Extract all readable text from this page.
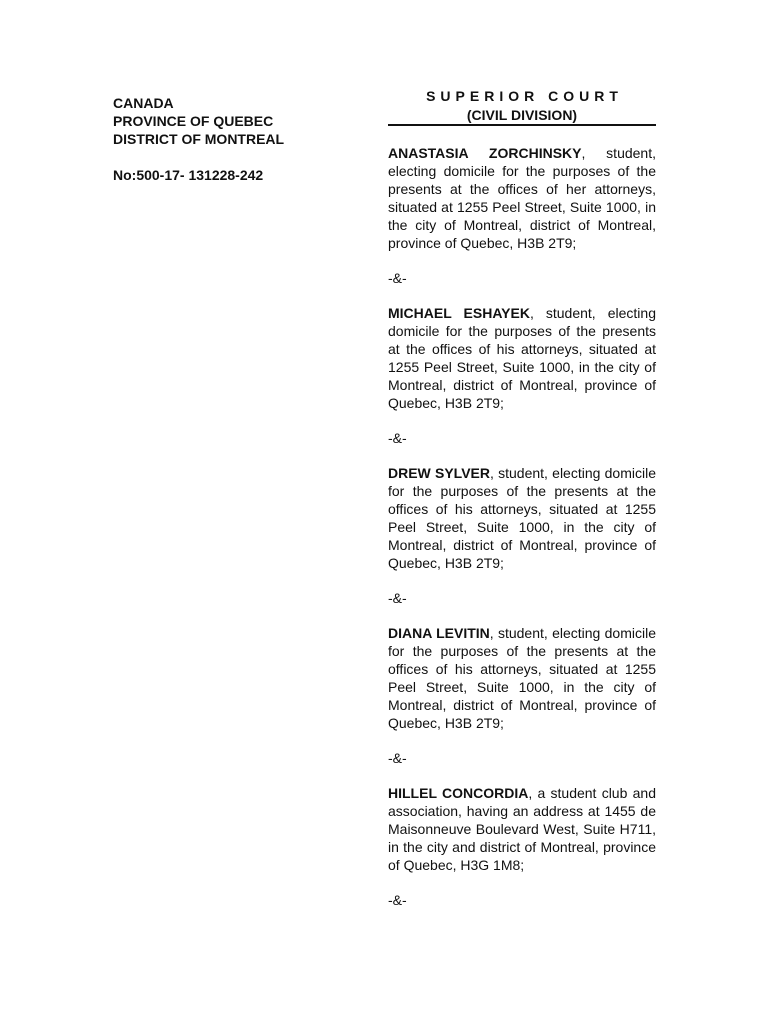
CANADA
PROVINCE OF QUEBEC
DISTRICT OF MONTREAL
No:500-17- 131228-242
SUPERIOR COURT
(CIVIL DIVISION)

ANASTASIA ZORCHINSKY, student, electing domicile for the purposes of the presents at the offices of her attorneys, situated at 1255 Peel Street, Suite 1000, in the city of Montreal, district of Montreal, province of Quebec, H3B 2T9;

-&-

MICHAEL ESHAYEK, student, electing domicile for the purposes of the presents at the offices of his attorneys, situated at 1255 Peel Street, Suite 1000, in the city of Montreal, district of Montreal, province of Quebec, H3B 2T9;

-&-

DREW SYLVER, student, electing domicile for the purposes of the presents at the offices of his attorneys, situated at 1255 Peel Street, Suite 1000, in the city of Montreal, district of Montreal, province of Quebec, H3B 2T9;

-&-

DIANA LEVITIN, student, electing domicile for the purposes of the presents at the offices of his attorneys, situated at 1255 Peel Street, Suite 1000, in the city of Montreal, district of Montreal, province of Quebec, H3B 2T9;

-&-

HILLEL CONCORDIA, a student club and association, having an address at 1455 de Maisonneuve Boulevard West, Suite H711, in the city and district of Montreal, province of Quebec, H3G 1M8;

-&-
